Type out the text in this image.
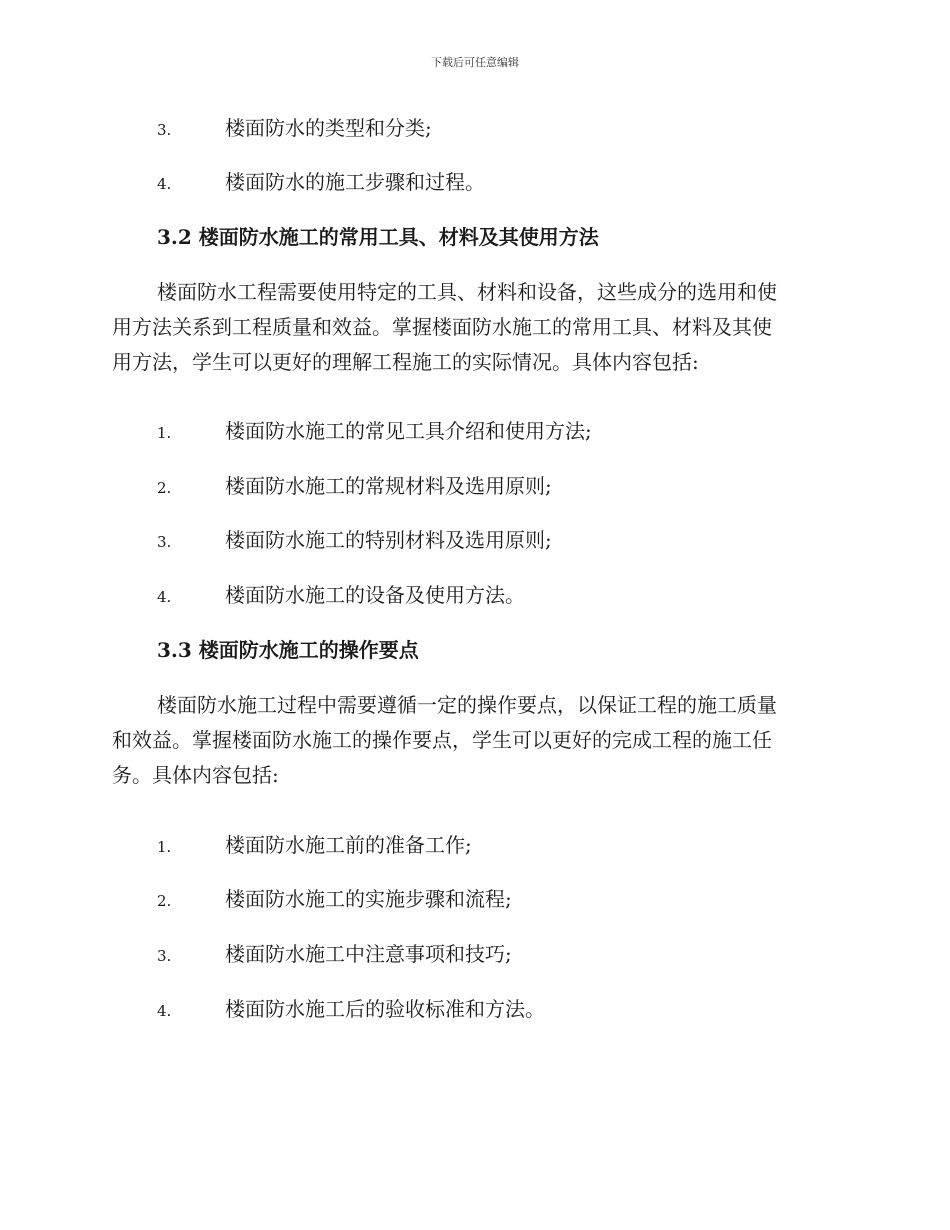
下载后可任意编辑
3.	楼面防水的类型和分类;
4.	楼面防水的施工步骤和过程。
3.2 楼面防水施工的常用工具、材料及其使用方法
楼面防水工程需要使用特定的工具、材料和设备，这些成分的选用和使
用方法关系到工程质量和效益。掌握楼面防水施工的常用工具、材料及其使
用方法，学生可以更好的理解工程施工的实际情况。具体内容包括:
1.	楼面防水施工的常见工具介绍和使用方法;
2.	楼面防水施工的常规材料及选用原则;
3.	楼面防水施工的特别材料及选用原则;
4.	楼面防水施工的设备及使用方法。
3.3 楼面防水施工的操作要点
楼面防水施工过程中需要遵循一定的操作要点，以保证工程的施工质量
和效益。掌握楼面防水施工的操作要点，学生可以更好的完成工程的施工任
务。具体内容包括:
1.	楼面防水施工前的准备工作;
2.	楼面防水施工的实施步骤和流程;
3.	楼面防水施工中注意事项和技巧;
4.	楼面防水施工后的验收标准和方法。
